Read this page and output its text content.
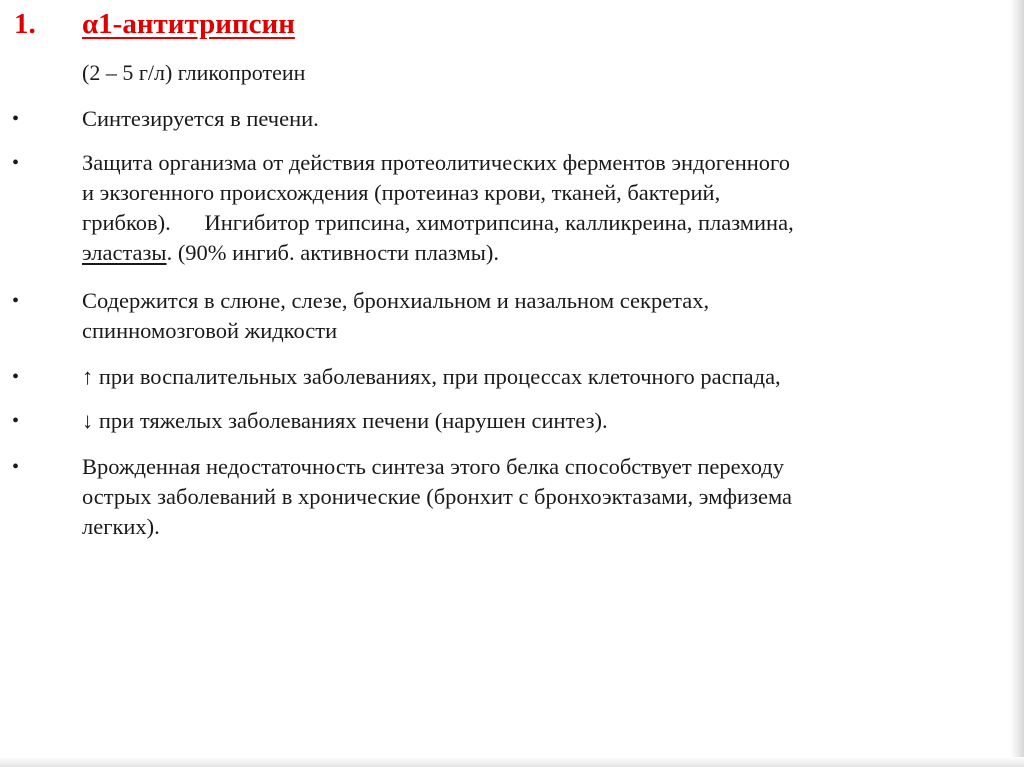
1. α1-антитрипсин
(2 – 5 г/л) гликопротеин
•	Синтезируется в печени.
•	Защита организма от действия протеолитических ферментов эндогенного
и экзогенного происхождения (протеиназ крови, тканей, бактерий,
грибков).      Ингибитор трипсина, химотрипсина, калликреина, плазмина,
эластазы. (90% ингиб. активности плазмы).
•	Содержится в слюне, слезе, бронхиальном и назальном секретах,
спинномозговой жидкости
•	↑ при воспалительных заболеваниях, при процессах клеточного распада,
•	↓ при тяжелых заболеваниях печени (нарушен синтез).
•	Врожденная недостаточность синтеза этого белка способствует переходу
острых заболеваний в хронические (бронхит с бронхоэктазами, эмфизема
легких).
